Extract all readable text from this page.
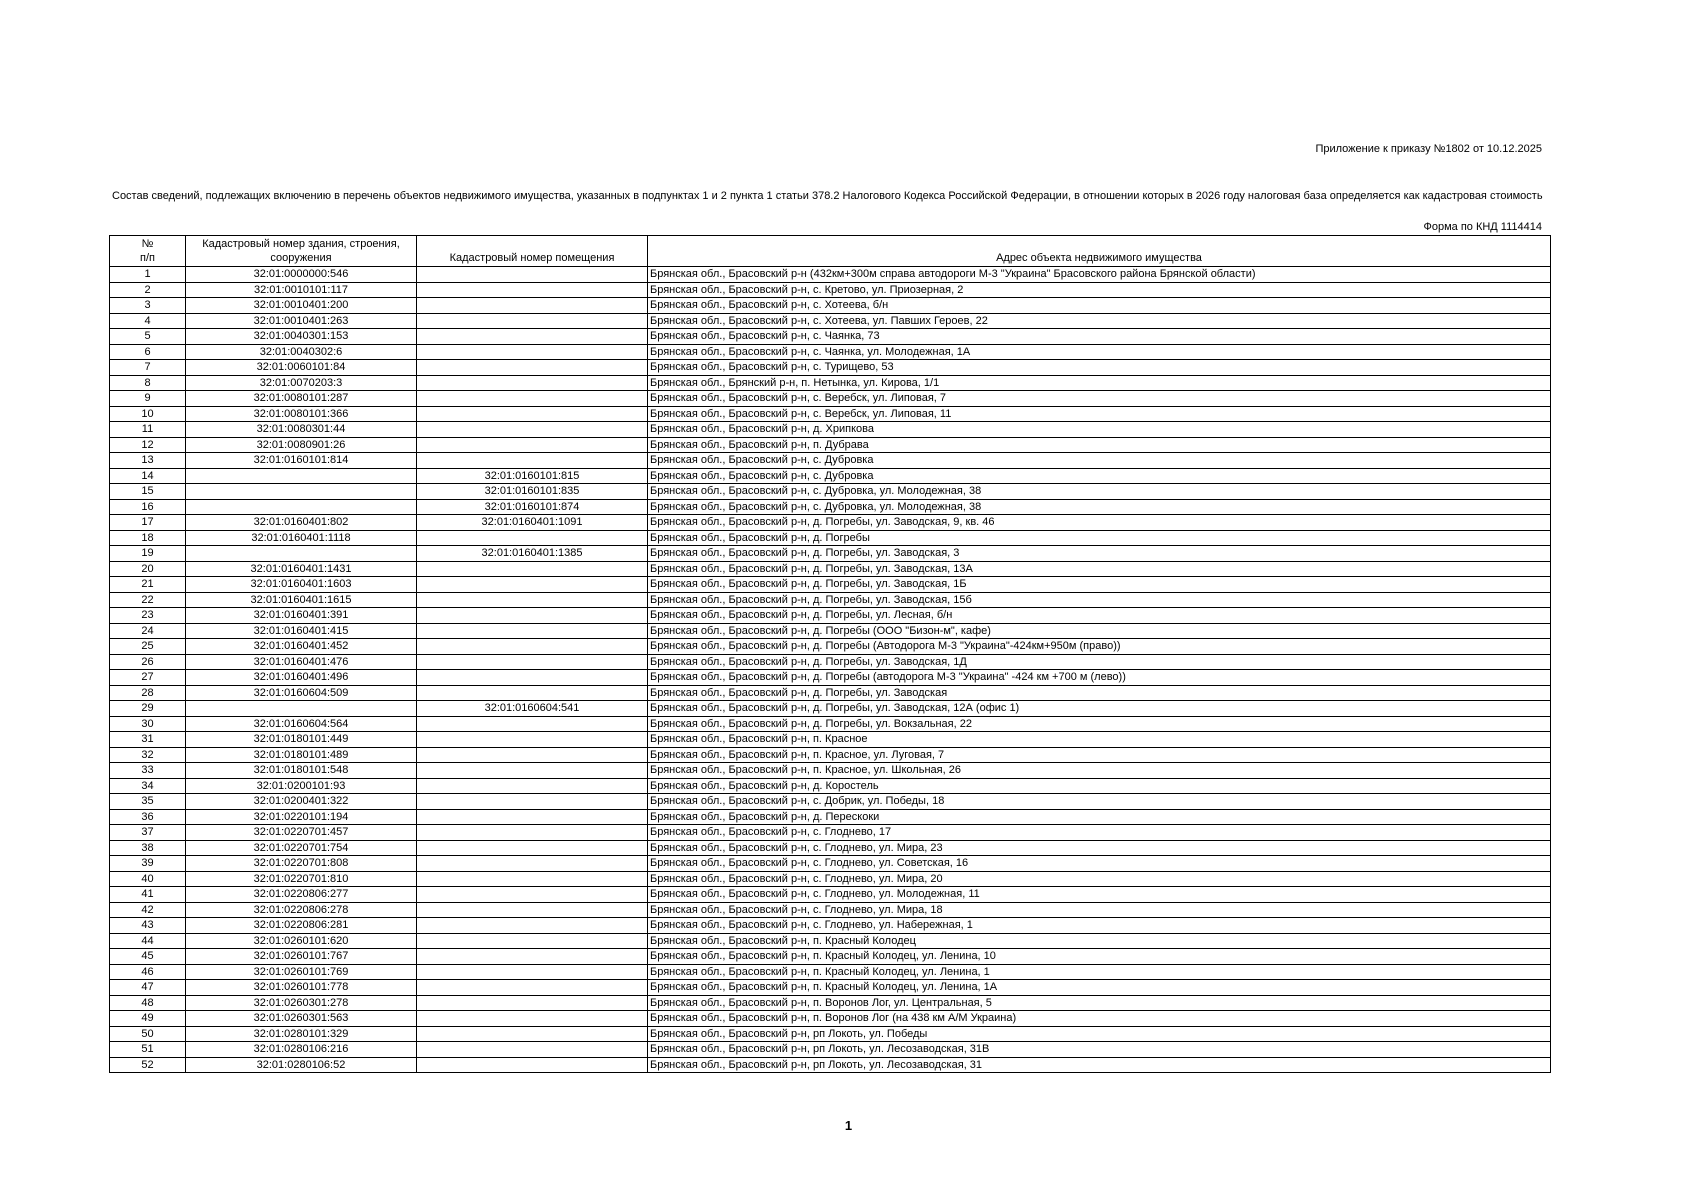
Приложение к приказу №1802 от 10.12.2025
Состав сведений, подлежащих включению в перечень объектов недвижимого имущества, указанных в подпунктах 1 и 2 пункта 1 статьи 378.2 Налогового Кодекса Российской Федерации, в отношении которых в 2026 году налоговая база определяется как кадастровая стоимость
Форма по КНД 1114414
№
п/п	Кадастровый номер здания, строения, сооружения	Кадастровый номер помещения	Адрес объекта недвижимого имущества
1	32:01:0000000:546		Брянская обл., Брасовский р-н (432км+300м справа автодороги М-3 "Украина" Брасовского района Брянской области)
2	32:01:0010101:117		Брянская обл., Брасовский р-н, с. Кретово, ул. Приозерная, 2
3	32:01:0010401:200		Брянская обл., Брасовский р-н, с. Хотеева, б/н
4	32:01:0010401:263		Брянская обл., Брасовский р-н, с. Хотеева, ул. Павших Героев, 22
5	32:01:0040301:153		Брянская обл., Брасовский р-н, с. Чаянка, 73
6	32:01:0040302:6		Брянская обл., Брасовский р-н, с. Чаянка, ул. Молодежная, 1А
7	32:01:0060101:84		Брянская обл., Брасовский р-н, с. Турищево, 53
8	32:01:0070203:3		Брянская обл., Брянский р-н, п. Нетынка, ул. Кирова, 1/1
9	32:01:0080101:287		Брянская обл., Брасовский р-н, с. Веребск, ул. Липовая, 7
10	32:01:0080101:366		Брянская обл., Брасовский р-н, с. Веребск, ул. Липовая, 11
11	32:01:0080301:44		Брянская обл., Брасовский р-н, д. Хрипкова
12	32:01:0080901:26		Брянская обл., Брасовский р-н, п. Дубрава
13	32:01:0160101:814		Брянская обл., Брасовский р-н, с. Дубровка
14		32:01:0160101:815	Брянская обл., Брасовский р-н, с. Дубровка
15		32:01:0160101:835	Брянская обл., Брасовский р-н, с. Дубровка, ул. Молодежная, 38
16		32:01:0160101:874	Брянская обл., Брасовский р-н, с. Дубровка, ул. Молодежная, 38
17	32:01:0160401:802	32:01:0160401:1091	Брянская обл., Брасовский р-н, д. Погребы, ул. Заводская, 9, кв. 46
18	32:01:0160401:1118		Брянская обл., Брасовский р-н, д. Погребы
19		32:01:0160401:1385	Брянская обл., Брасовский р-н, д. Погребы, ул. Заводская, 3
20	32:01:0160401:1431		Брянская обл., Брасовский р-н, д. Погребы, ул. Заводская, 13А
21	32:01:0160401:1603		Брянская обл., Брасовский р-н, д. Погребы, ул. Заводская, 1Б
22	32:01:0160401:1615		Брянская обл., Брасовский р-н, д. Погребы, ул. Заводская, 15б
23	32:01:0160401:391		Брянская обл., Брасовский р-н, д. Погребы, ул. Лесная, б/н
24	32:01:0160401:415		Брянская обл., Брасовский р-н, д. Погребы (ООО "Бизон-м", кафе)
25	32:01:0160401:452		Брянская обл., Брасовский р-н, д. Погребы (Автодорога М-3 "Украина"-424км+950м (право))
26	32:01:0160401:476		Брянская обл., Брасовский р-н, д. Погребы, ул. Заводская, 1Д
27	32:01:0160401:496		Брянская обл., Брасовский р-н, д. Погребы (автодорога М-3 "Украина" -424 км +700 м (лево))
28	32:01:0160604:509		Брянская обл., Брасовский р-н, д. Погребы, ул. Заводская
29		32:01:0160604:541	Брянская обл., Брасовский р-н, д. Погребы, ул. Заводская, 12А (офис 1)
30	32:01:0160604:564		Брянская обл., Брасовский р-н, д. Погребы, ул. Вокзальная, 22
31	32:01:0180101:449		Брянская обл., Брасовский р-н, п. Красное
32	32:01:0180101:489		Брянская обл., Брасовский р-н, п. Красное, ул. Луговая, 7
33	32:01:0180101:548		Брянская обл., Брасовский р-н, п. Красное, ул. Школьная, 26
34	32:01:0200101:93		Брянская обл., Брасовский р-н, д. Коростель
35	32:01:0200401:322		Брянская обл., Брасовский р-н, с. Добрик, ул. Победы, 18
36	32:01:0220101:194		Брянская обл., Брасовский р-н, д. Перескоки
37	32:01:0220701:457		Брянская обл., Брасовский р-н, с. Глоднево, 17
38	32:01:0220701:754		Брянская обл., Брасовский р-н, с. Глоднево, ул. Мира, 23
39	32:01:0220701:808		Брянская обл., Брасовский р-н, с. Глоднево, ул. Советская, 16
40	32:01:0220701:810		Брянская обл., Брасовский р-н, с. Глоднево, ул. Мира, 20
41	32:01:0220806:277		Брянская обл., Брасовский р-н, с. Глоднево, ул. Молодежная, 11
42	32:01:0220806:278		Брянская обл., Брасовский р-н, с. Глоднево, ул. Мира, 18
43	32:01:0220806:281		Брянская обл., Брасовский р-н, с. Глоднево, ул. Набережная, 1
44	32:01:0260101:620		Брянская обл., Брасовский р-н, п. Красный Колодец
45	32:01:0260101:767		Брянская обл., Брасовский р-н, п. Красный Колодец, ул. Ленина, 10
46	32:01:0260101:769		Брянская обл., Брасовский р-н, п. Красный Колодец, ул. Ленина, 1
47	32:01:0260101:778		Брянская обл., Брасовский р-н, п. Красный Колодец, ул. Ленина, 1А
48	32:01:0260301:278		Брянская обл., Брасовский р-н, п. Воронов Лог, ул. Центральная, 5
49	32:01:0260301:563		Брянская обл., Брасовский р-н, п. Воронов Лог (на 438 км А/М Украина)
50	32:01:0280101:329		Брянская обл., Брасовский р-н, рп Локоть, ул. Победы
51	32:01:0280106:216		Брянская обл., Брасовский р-н, рп Локоть, ул. Лесозаводская, 31В
52	32:01:0280106:52		Брянская обл., Брасовский р-н, рп Локоть, ул. Лесозаводская, 31
1
